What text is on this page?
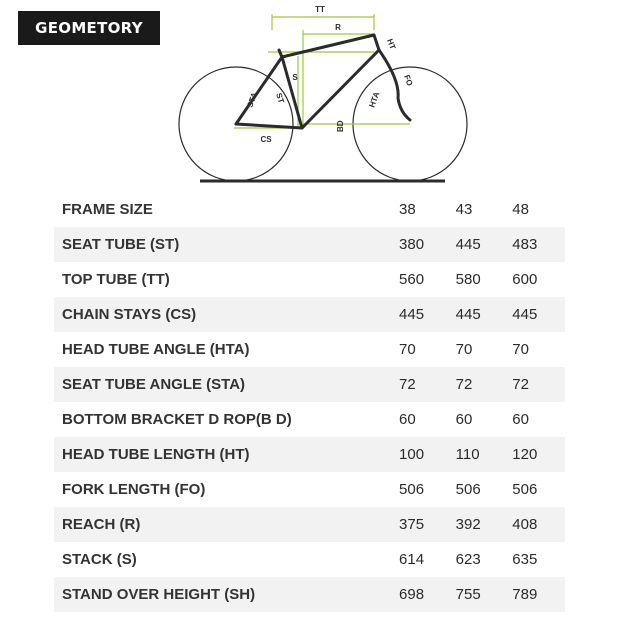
GEOMETORY
TT
R
HT
S
ST
STA
FO
HTA
BD
CS
FRAME SIZE	38	43	48
SEAT TUBE (ST)	380	445	483
TOP TUBE (TT)	560	580	600
CHAIN STAYS (CS)	445	445	445
HEAD TUBE ANGLE (HTA)	70	70	70
SEAT TUBE ANGLE (STA)	72	72	72
BOTTOM BRACKET D ROP(B D)	60	60	60
HEAD TUBE LENGTH (HT)	100	110	120
FORK LENGTH (FO)	506	506	506
REACH (R)	375	392	408
STACK (S)	614	623	635
STAND OVER HEIGHT (SH)	698	755	789
